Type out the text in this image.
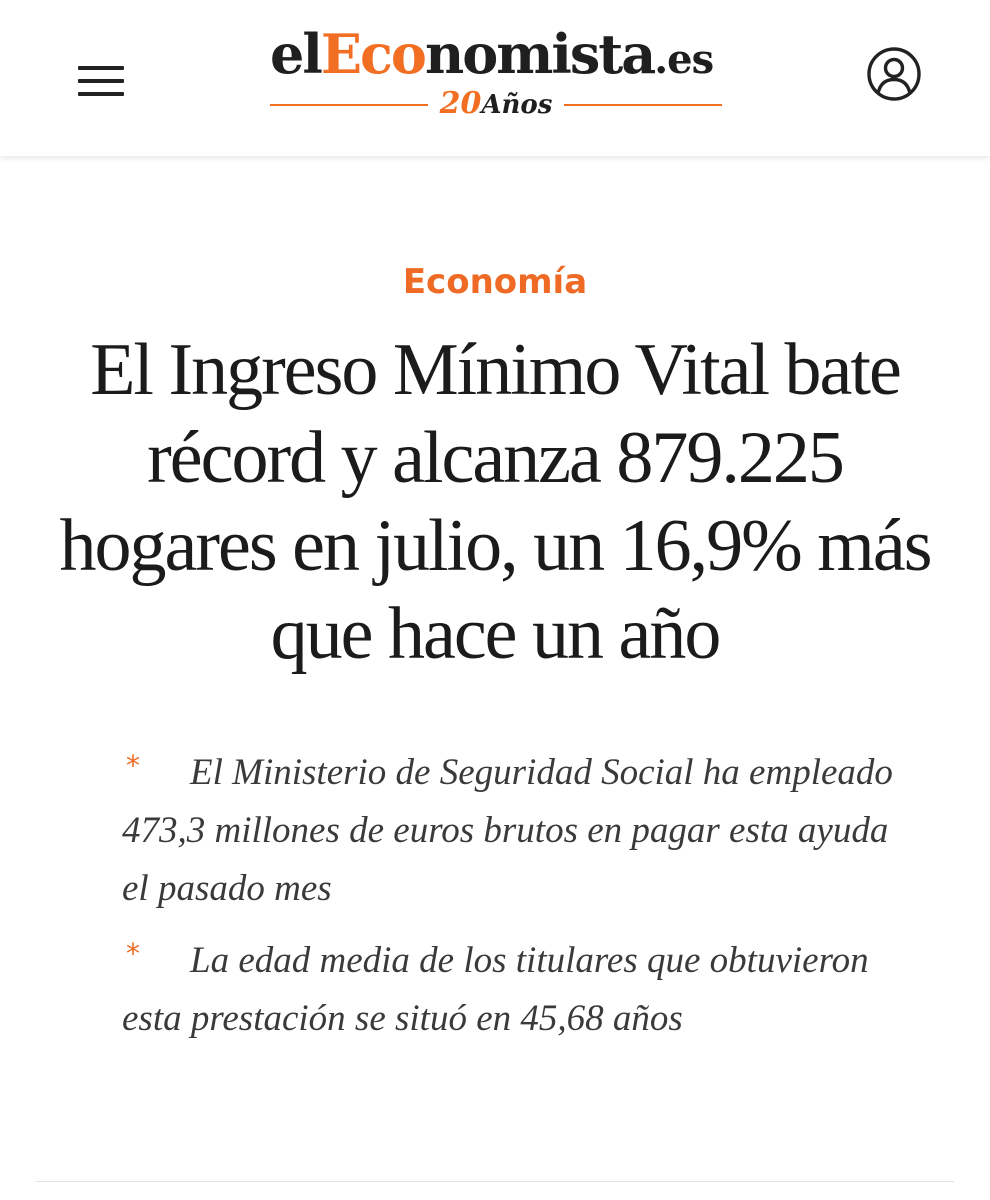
elEconomista.es
20Años
Economía
El Ingreso Mínimo Vital bate récord y alcanza 879.225 hogares en julio, un 16,9% más que hace un año
* El Ministerio de Seguridad Social ha empleado 473,3 millones de euros brutos en pagar esta ayuda el pasado mes
* La edad media de los titulares que obtuvieron esta prestación se situó en 45,68 años
